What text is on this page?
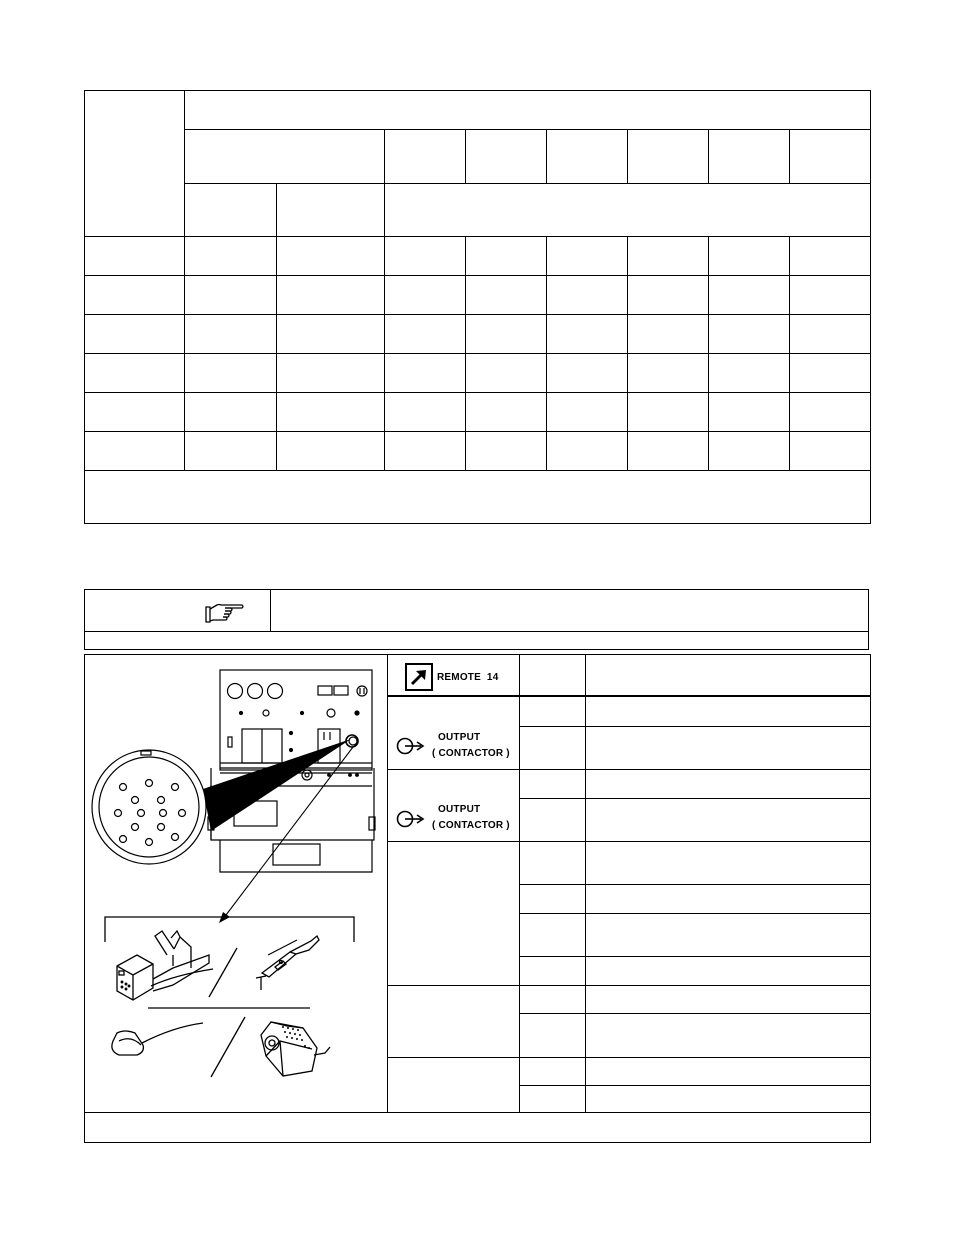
REMOTE  14
OUTPUT
( CONTACTOR )
OUTPUT
( CONTACTOR )
